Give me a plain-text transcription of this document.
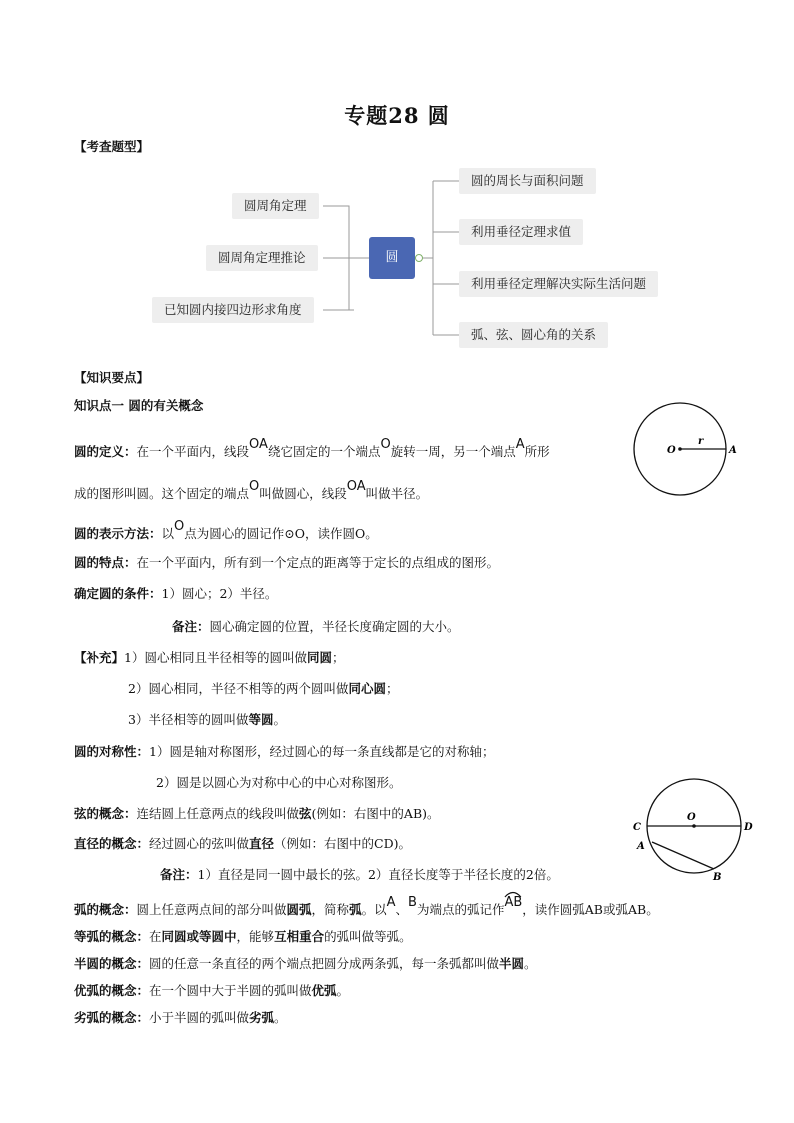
专题28 圆
【考查题型】
圆周角定理
圆周角定理推论
已知圆内接四边形求角度
圆
圆的周长与面积问题
利用垂径定理求值
利用垂径定理解决实际生活问题
弧、弦、圆心角的关系
【知识要点】
知识点一 圆的有关概念
圆的定义：在一个平面内，线段OA绕它固定的一个端点O旋转一周，另一个端点A所形
成的图形叫圆。这个固定的端点O叫做圆心，线段OA叫做半径。
圆的表示方法：以O点为圆心的圆记作⊙O，读作圆O。
圆的特点：在一个平面内，所有到一个定点的距离等于定长的点组成的图形。
确定圆的条件：1）圆心；2）半径。
备注：圆心确定圆的位置，半径长度确定圆的大小。
【补充】1）圆心相同且半径相等的圆叫做同圆；
2）圆心相同，半径不相等的两个圆叫做同心圆；
3）半径相等的圆叫做等圆。
圆的对称性：1）圆是轴对称图形，经过圆心的每一条直线都是它的对称轴；
2）圆是以圆心为对称中心的中心对称图形。
弦的概念：连结圆上任意两点的线段叫做弦(例如：右图中的AB)。
直径的概念：经过圆心的弦叫做直径（例如：右图中的CD)。
备注：1）直径是同一圆中最长的弦。2）直径长度等于半径长度的2倍。
弧的概念：圆上任意两点间的部分叫做圆弧，简称弧。以A、B为端点的弧记作
AB，读作圆弧AB或弧AB。
等弧的概念：在同圆或等圆中，能够互相重合的弧叫做等弧。
半圆的概念：圆的任意一条直径的两个端点把圆分成两条弧，每一条弧都叫做半圆。
优弧的概念：在一个圆中大于半圆的弧叫做优弧。
劣弧的概念：小于半圆的弧叫做劣弧。
O
r
A
O
C	D
A
B
